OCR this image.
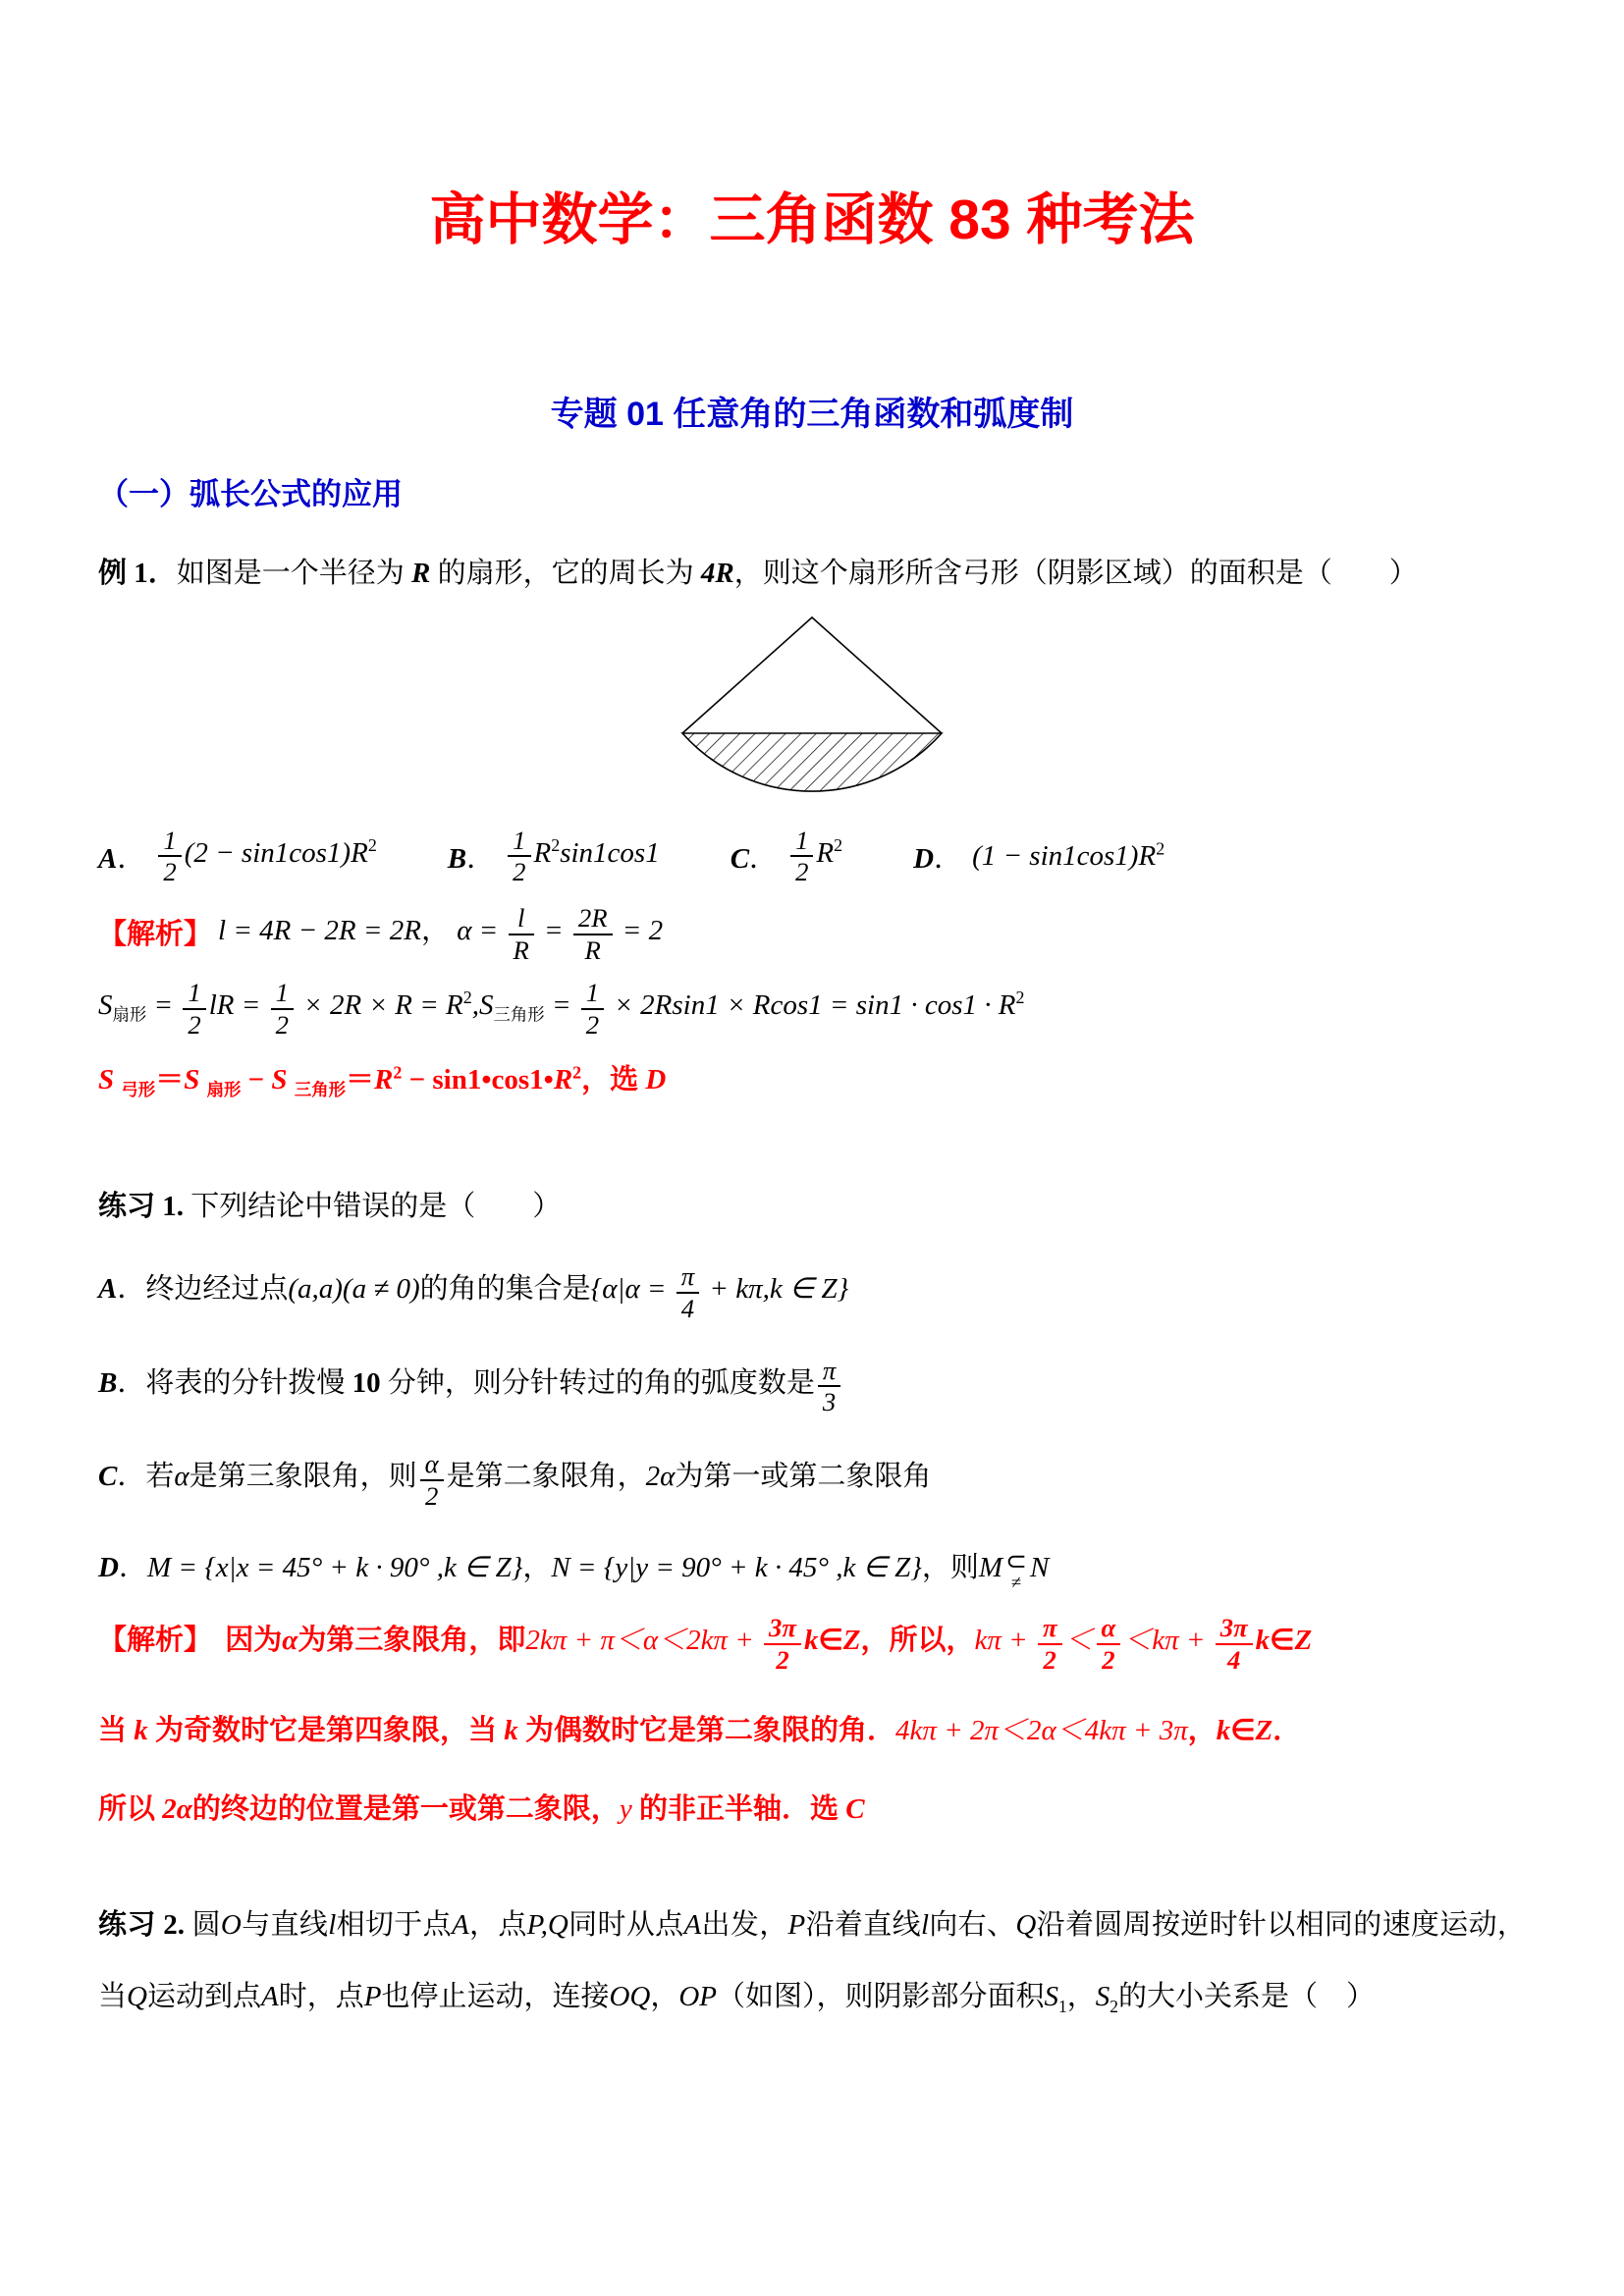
高中数学：三角函数 83 种考法
专题 01 任意角的三角函数和弧度制
（一）弧长公式的应用

例 1．如图是一个半径为 R 的扇形，它的周长为 4R，则这个扇形所含弓形（阴影区域）的面积是（　　）

A． $\frac{1}{2} (2 - \sin 1\cos 1)R^2$ B． $\frac{1}{2} R^2\sin 1\cos 1$ C． $\frac{1}{2} R^2$ D． $(1 - \sin 1\cos 1)R^2$

【解析】 l = 4R − 2R = 2R， $\alpha = \frac{l}{R} = \frac{2R}{R} = 2$

$S_{扇形} = \frac{1}{2}$ lR = $\frac{1}{2} \times 2R \times R = R^2,S_{三角形} = \frac{1}{2} \times 2Rsin1 \times Rcos1 = \sin 1 \cdot \cos 1 \cdot R^2$

S $_{弓形}$＝S $_{扇形}$ − S $_{三角形}=R^2$ − $\sin 1•\cos 1•R^2$，选 D

练习 1. 下列结论中错误的是（　　）

A．终边经过点(a,a)(a ≠ 0)的角的集合是{$\alpha|\alpha = \frac{\pi}{4} + k\pi,k$ ∈ Z}

B．将表的分针拨慢 10 分钟，则分针转过的角的弧度数是 $\frac{\pi}{3}$

C．若α是第三象限角，则 $\frac{\alpha}{2}$ 是第二象限角，2α为第一或第二象限角

D．M = {x|x = 45° + k · 90° ,k ∈ Z}，N = {y|y = 90° + k · 45° ,k ∈ Z}，则M ⊂
≠ N

【解析】 因为α为第三象限角，即$2k\pi + \pi<\alpha<2k\pi + \frac{3\pi}{2}$ k∈Z，所以，$k\pi + \frac{\pi}{2} < \frac{\alpha}{2} <k\pi + \frac{3\pi}{4}$ k∈Z

当 k 为奇数时它是第四象限，当 k 为偶数时它是第二象限的角．4kπ + 2π＜2α＜4kπ + 3π，k∈Z．

所以 2α的终边的位置是第一或第二象限，y 的非正半轴．选 C

练习 2. 圆O与直线l相切于点A，点P,Q同时从点A出发，P沿着直线l向右、Q沿着圆周按逆时针以相同的速度运动，当Q运动到点A时，点P也停止运动，连接OQ，OP（如图），则阴影部分面积$S_1$，$S_2$的大小关系是（　）
